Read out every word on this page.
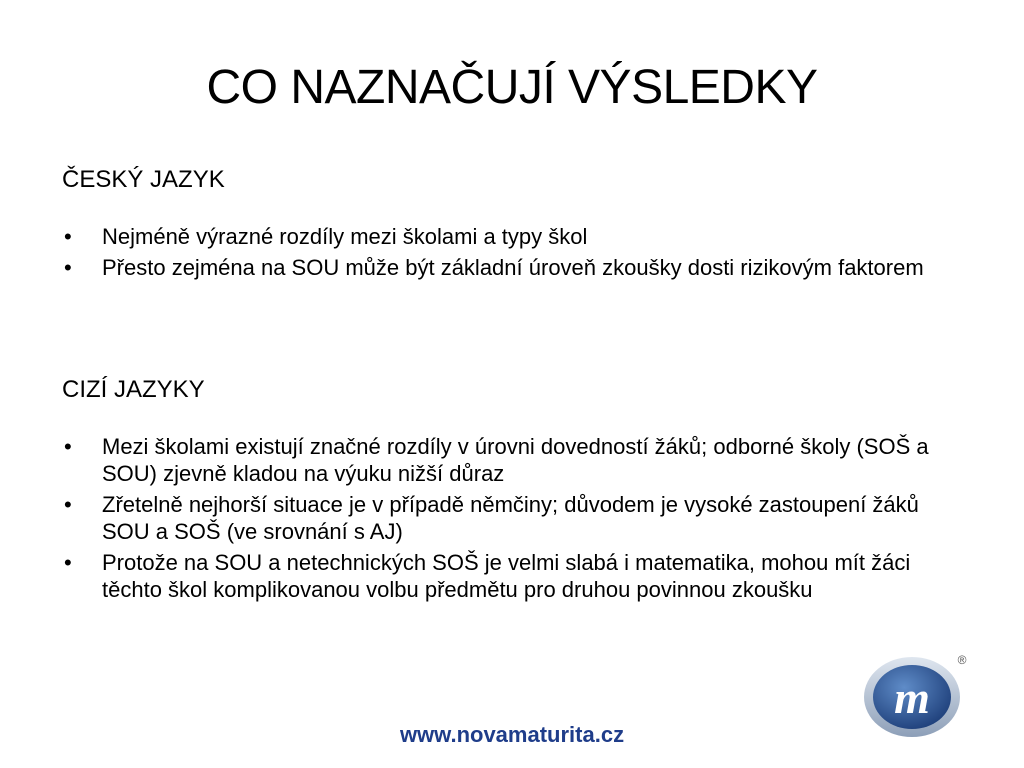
CO NAZNAČUJÍ VÝSLEDKY
ČESKÝ JAZYK
• Nejméně výrazné rozdíly mezi školami a typy škol
• Přesto zejména na SOU může být základní úroveň zkoušky dosti rizikovým faktorem
CIZÍ JAZYKY
• Mezi školami existují značné rozdíly v úrovni dovedností žáků; odborné školy (SOŠ a SOU) zjevně kladou na výuku nižší důraz
• Zřetelně nejhorší situace je v případě němčiny; důvodem je vysoké zastoupení žáků SOU a SOŠ (ve srovnání s AJ)
• Protože na SOU a netechnických SOŠ je velmi slabá i matematika, mohou mít žáci těchto škol komplikovanou volbu předmětu pro druhou povinnou zkoušku
www.novamaturita.cz
m
®
